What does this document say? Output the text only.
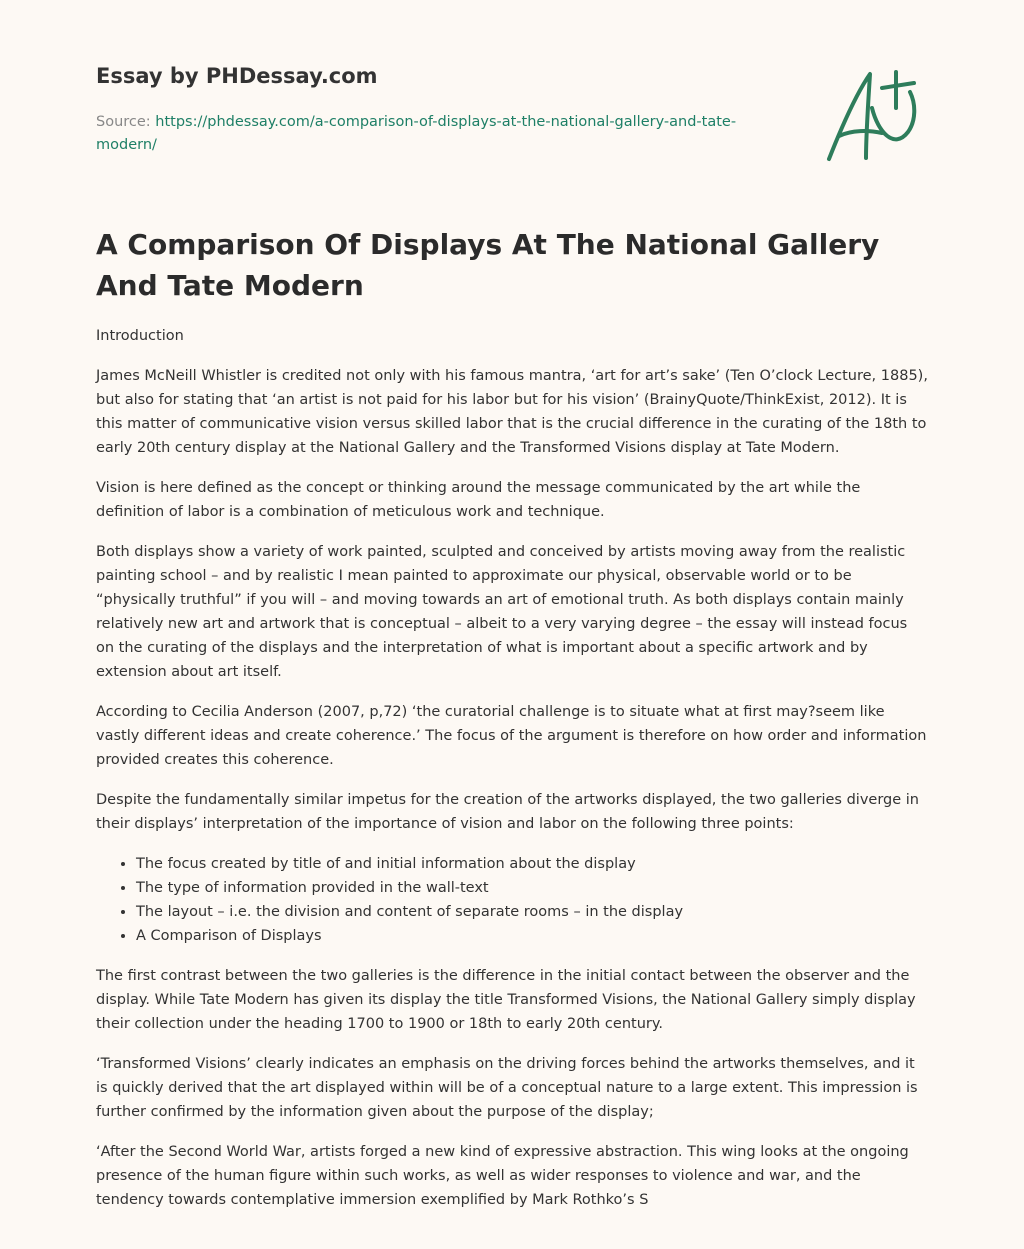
Essay by PHDessay.com
Source: https://phdessay.com/a-comparison-of-displays-at-the-national-gallery-and-tate-modern/
A Comparison Of Displays At The National Gallery And Tate Modern

Introduction

James McNeill Whistler is credited not only with his famous mantra, ‘art for art’s sake’ (Ten O’clock Lecture, 1885), but also for stating that ‘an artist is not paid for his labor but for his vision’ (BrainyQuote/ThinkExist, 2012). It is this matter of communicative vision versus skilled labor that is the crucial difference in the curating of the 18th to early 20th century display at the National Gallery and the Transformed Visions display at Tate Modern.

Vision is here defined as the concept or thinking around the message communicated by the art while the definition of labor is a combination of meticulous work and technique.

Both displays show a variety of work painted, sculpted and conceived by artists moving away from the realistic painting school – and by realistic I mean painted to approximate our physical, observable world or to be “physically truthful” if you will – and moving towards an art of emotional truth. As both displays contain mainly relatively new art and artwork that is conceptual – albeit to a very varying degree – the essay will instead focus on the curating of the displays and the interpretation of what is important about a specific artwork and by extension about art itself.

According to Cecilia Anderson (2007, p,72) ‘the curatorial challenge is to situate what at first may?seem like vastly different ideas and create coherence.’ The focus of the argument is therefore on how order and information provided creates this coherence.

Despite the fundamentally similar impetus for the creation of the artworks displayed, the two galleries diverge in their displays’ interpretation of the importance of vision and labor on the following three points:

• The focus created by title of and initial information about the display
• The type of information provided in the wall-text
• The layout – i.e. the division and content of separate rooms – in the display
• A Comparison of Displays

The first contrast between the two galleries is the difference in the initial contact between the observer and the display. While Tate Modern has given its display the title Transformed Visions, the National Gallery simply display their collection under the heading 1700 to 1900 or 18th to early 20th century.

‘Transformed Visions’ clearly indicates an emphasis on the driving forces behind the artworks themselves, and it is quickly derived that the art displayed within will be of a conceptual nature to a large extent. This impression is further confirmed by the information given about the purpose of the display;

‘After the Second World War, artists forged a new kind of expressive abstraction. This wing looks at the ongoing presence of the human figure within such works, as well as wider responses to violence and war, and the tendency towards contemplative immersion exemplified by Mark Rothko’s S
